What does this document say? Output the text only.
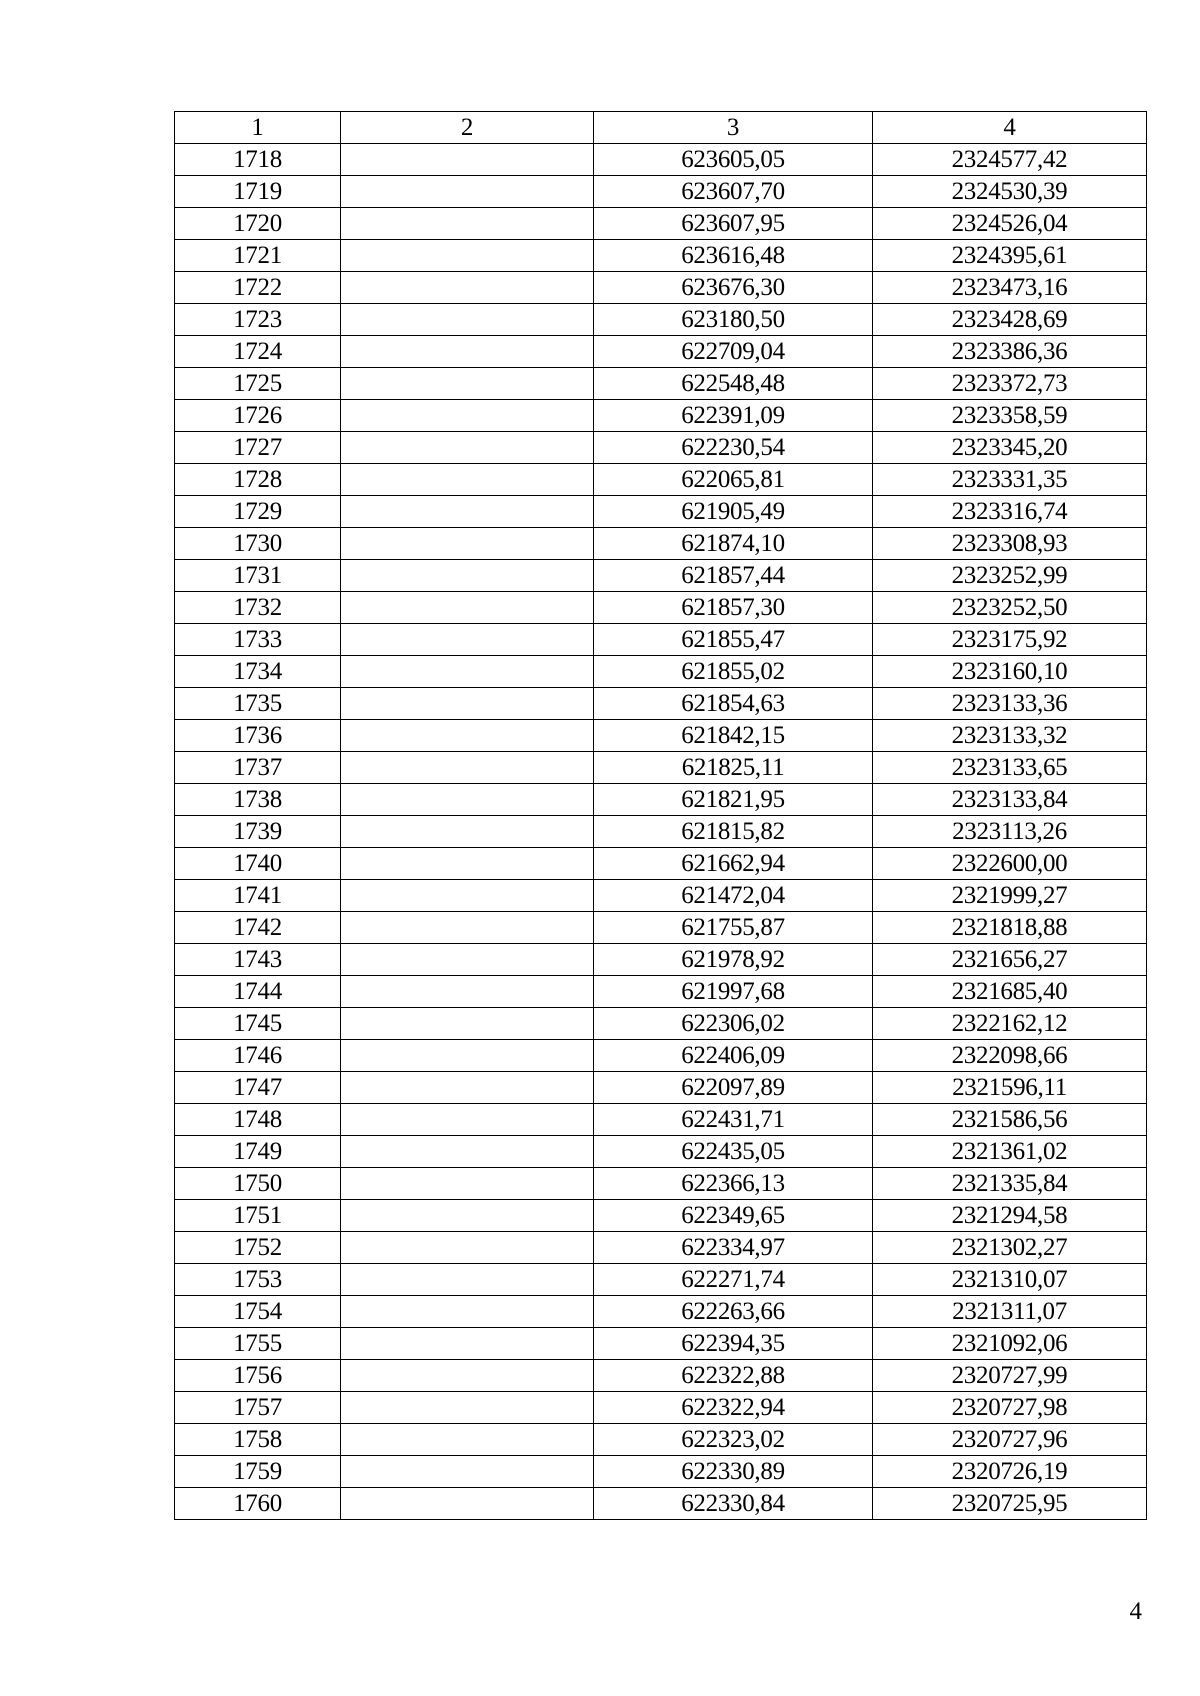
1	2	3	4
1718		623605,05	2324577,42
1719		623607,70	2324530,39
1720		623607,95	2324526,04
1721		623616,48	2324395,61
1722		623676,30	2323473,16
1723		623180,50	2323428,69
1724		622709,04	2323386,36
1725		622548,48	2323372,73
1726		622391,09	2323358,59
1727		622230,54	2323345,20
1728		622065,81	2323331,35
1729		621905,49	2323316,74
1730		621874,10	2323308,93
1731		621857,44	2323252,99
1732		621857,30	2323252,50
1733		621855,47	2323175,92
1734		621855,02	2323160,10
1735		621854,63	2323133,36
1736		621842,15	2323133,32
1737		621825,11	2323133,65
1738		621821,95	2323133,84
1739		621815,82	2323113,26
1740		621662,94	2322600,00
1741		621472,04	2321999,27
1742		621755,87	2321818,88
1743		621978,92	2321656,27
1744		621997,68	2321685,40
1745		622306,02	2322162,12
1746		622406,09	2322098,66
1747		622097,89	2321596,11
1748		622431,71	2321586,56
1749		622435,05	2321361,02
1750		622366,13	2321335,84
1751		622349,65	2321294,58
1752		622334,97	2321302,27
1753		622271,74	2321310,07
1754		622263,66	2321311,07
1755		622394,35	2321092,06
1756		622322,88	2320727,99
1757		622322,94	2320727,98
1758		622323,02	2320727,96
1759		622330,89	2320726,19
1760		622330,84	2320725,95
4
